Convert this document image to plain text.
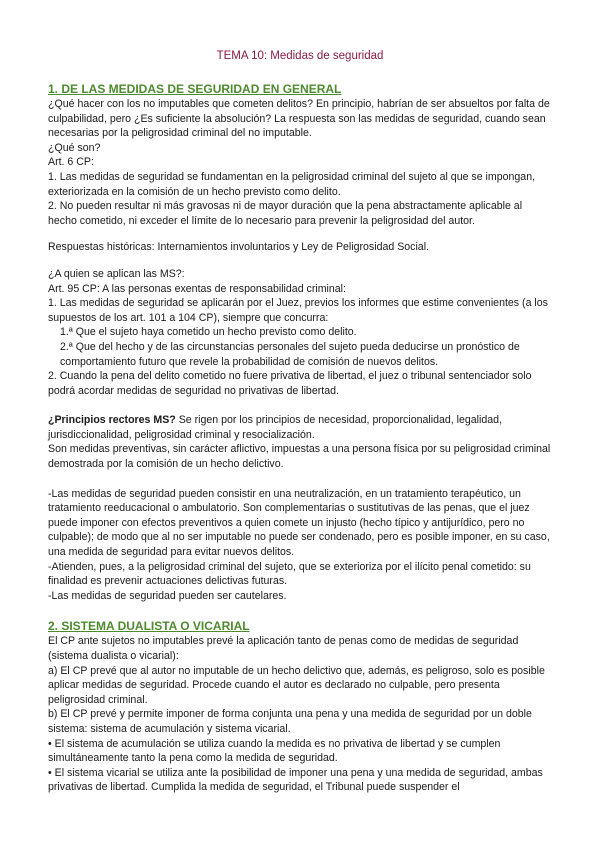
TEMA 10: Medidas de seguridad
1. DE LAS MEDIDAS DE SEGURIDAD EN GENERAL

¿Qué hacer con los no imputables que cometen delitos? En principio, habrían de ser absueltos por falta de culpabilidad, pero ¿Es suficiente la absolución? La respuesta son las medidas de seguridad, cuando sean necesarias por la peligrosidad criminal del no imputable.

¿Qué son?

Art. 6 CP:

1. Las medidas de seguridad se fundamentan en la peligrosidad criminal del sujeto al que se impongan, exteriorizada en la comisión de un hecho previsto como delito.

2. No pueden resultar ni más gravosas ni de mayor duración que la pena abstractamente aplicable al hecho cometido, ni exceder el límite de lo necesario para prevenir la peligrosidad del autor.

Respuestas históricas: Internamientos involuntarios y Ley de Peligrosidad Social.

¿A quien se aplican las MS?:

Art. 95 CP: A las personas exentas de responsabilidad criminal:

1. Las medidas de seguridad se aplicarán por el Juez, previos los informes que estime convenientes (a los supuestos de los art. 101 a 104 CP), siempre que concurra:

1.ª Que el sujeto haya cometido un hecho previsto como delito.

2.ª Que del hecho y de las circunstancias personales del sujeto pueda deducirse un pronóstico de comportamiento futuro que revele la probabilidad de comisión de nuevos delitos.

2. Cuando la pena del delito cometido no fuere privativa de libertad, el juez o tribunal sentenciador solo podrá acordar medidas de seguridad no privativas de libertad.

¿Principios rectores MS? Se rigen por los principios de necesidad, proporcionalidad, legalidad, jurisdiccionalidad, peligrosidad criminal y resocialización.

Son medidas preventivas, sin carácter aflictivo, impuestas a una persona física por su peligrosidad criminal demostrada por la comisión de un hecho delictivo.

-Las medidas de seguridad pueden consistir en una neutralización, en un tratamiento terapéutico, un tratamiento reeducacional o ambulatorio. Son complementarias o sustitutivas de las penas, que el juez puede imponer con efectos preventivos a quien comete un injusto (hecho típico y antijurídico, pero no culpable); de modo que al no ser imputable no puede ser condenado, pero es posible imponer, en su caso, una medida de seguridad para evitar nuevos delitos.

-Atienden, pues, a la peligrosidad criminal del sujeto, que se exterioriza por el ilícito penal cometido: su finalidad es prevenir actuaciones delictivas futuras.

-Las medidas de seguridad pueden ser cautelares.

2. SISTEMA DUALISTA O VICARIAL

El CP ante sujetos no imputables prevé la aplicación tanto de penas como de medidas de seguridad (sistema dualista o vicarial):

a) El CP prevé que al autor no imputable de un hecho delictivo que, además, es peligroso, solo es posible aplicar medidas de seguridad. Procede cuando el autor es declarado no culpable, pero presenta peligrosidad criminal.

b) El CP prevé y permite imponer de forma conjunta una pena y una medida de seguridad por un doble sistema: sistema de acumulación y sistema vicarial.

• El sistema de acumulación se utiliza cuando la medida es no privativa de libertad y se cumplen simultáneamente tanto la pena como la medida de seguridad.

• El sistema vicarial se utiliza ante la posibilidad de imponer una pena y una medida de seguridad, ambas privativas de libertad. Cumplida la medida de seguridad, el Tribunal puede suspender el
